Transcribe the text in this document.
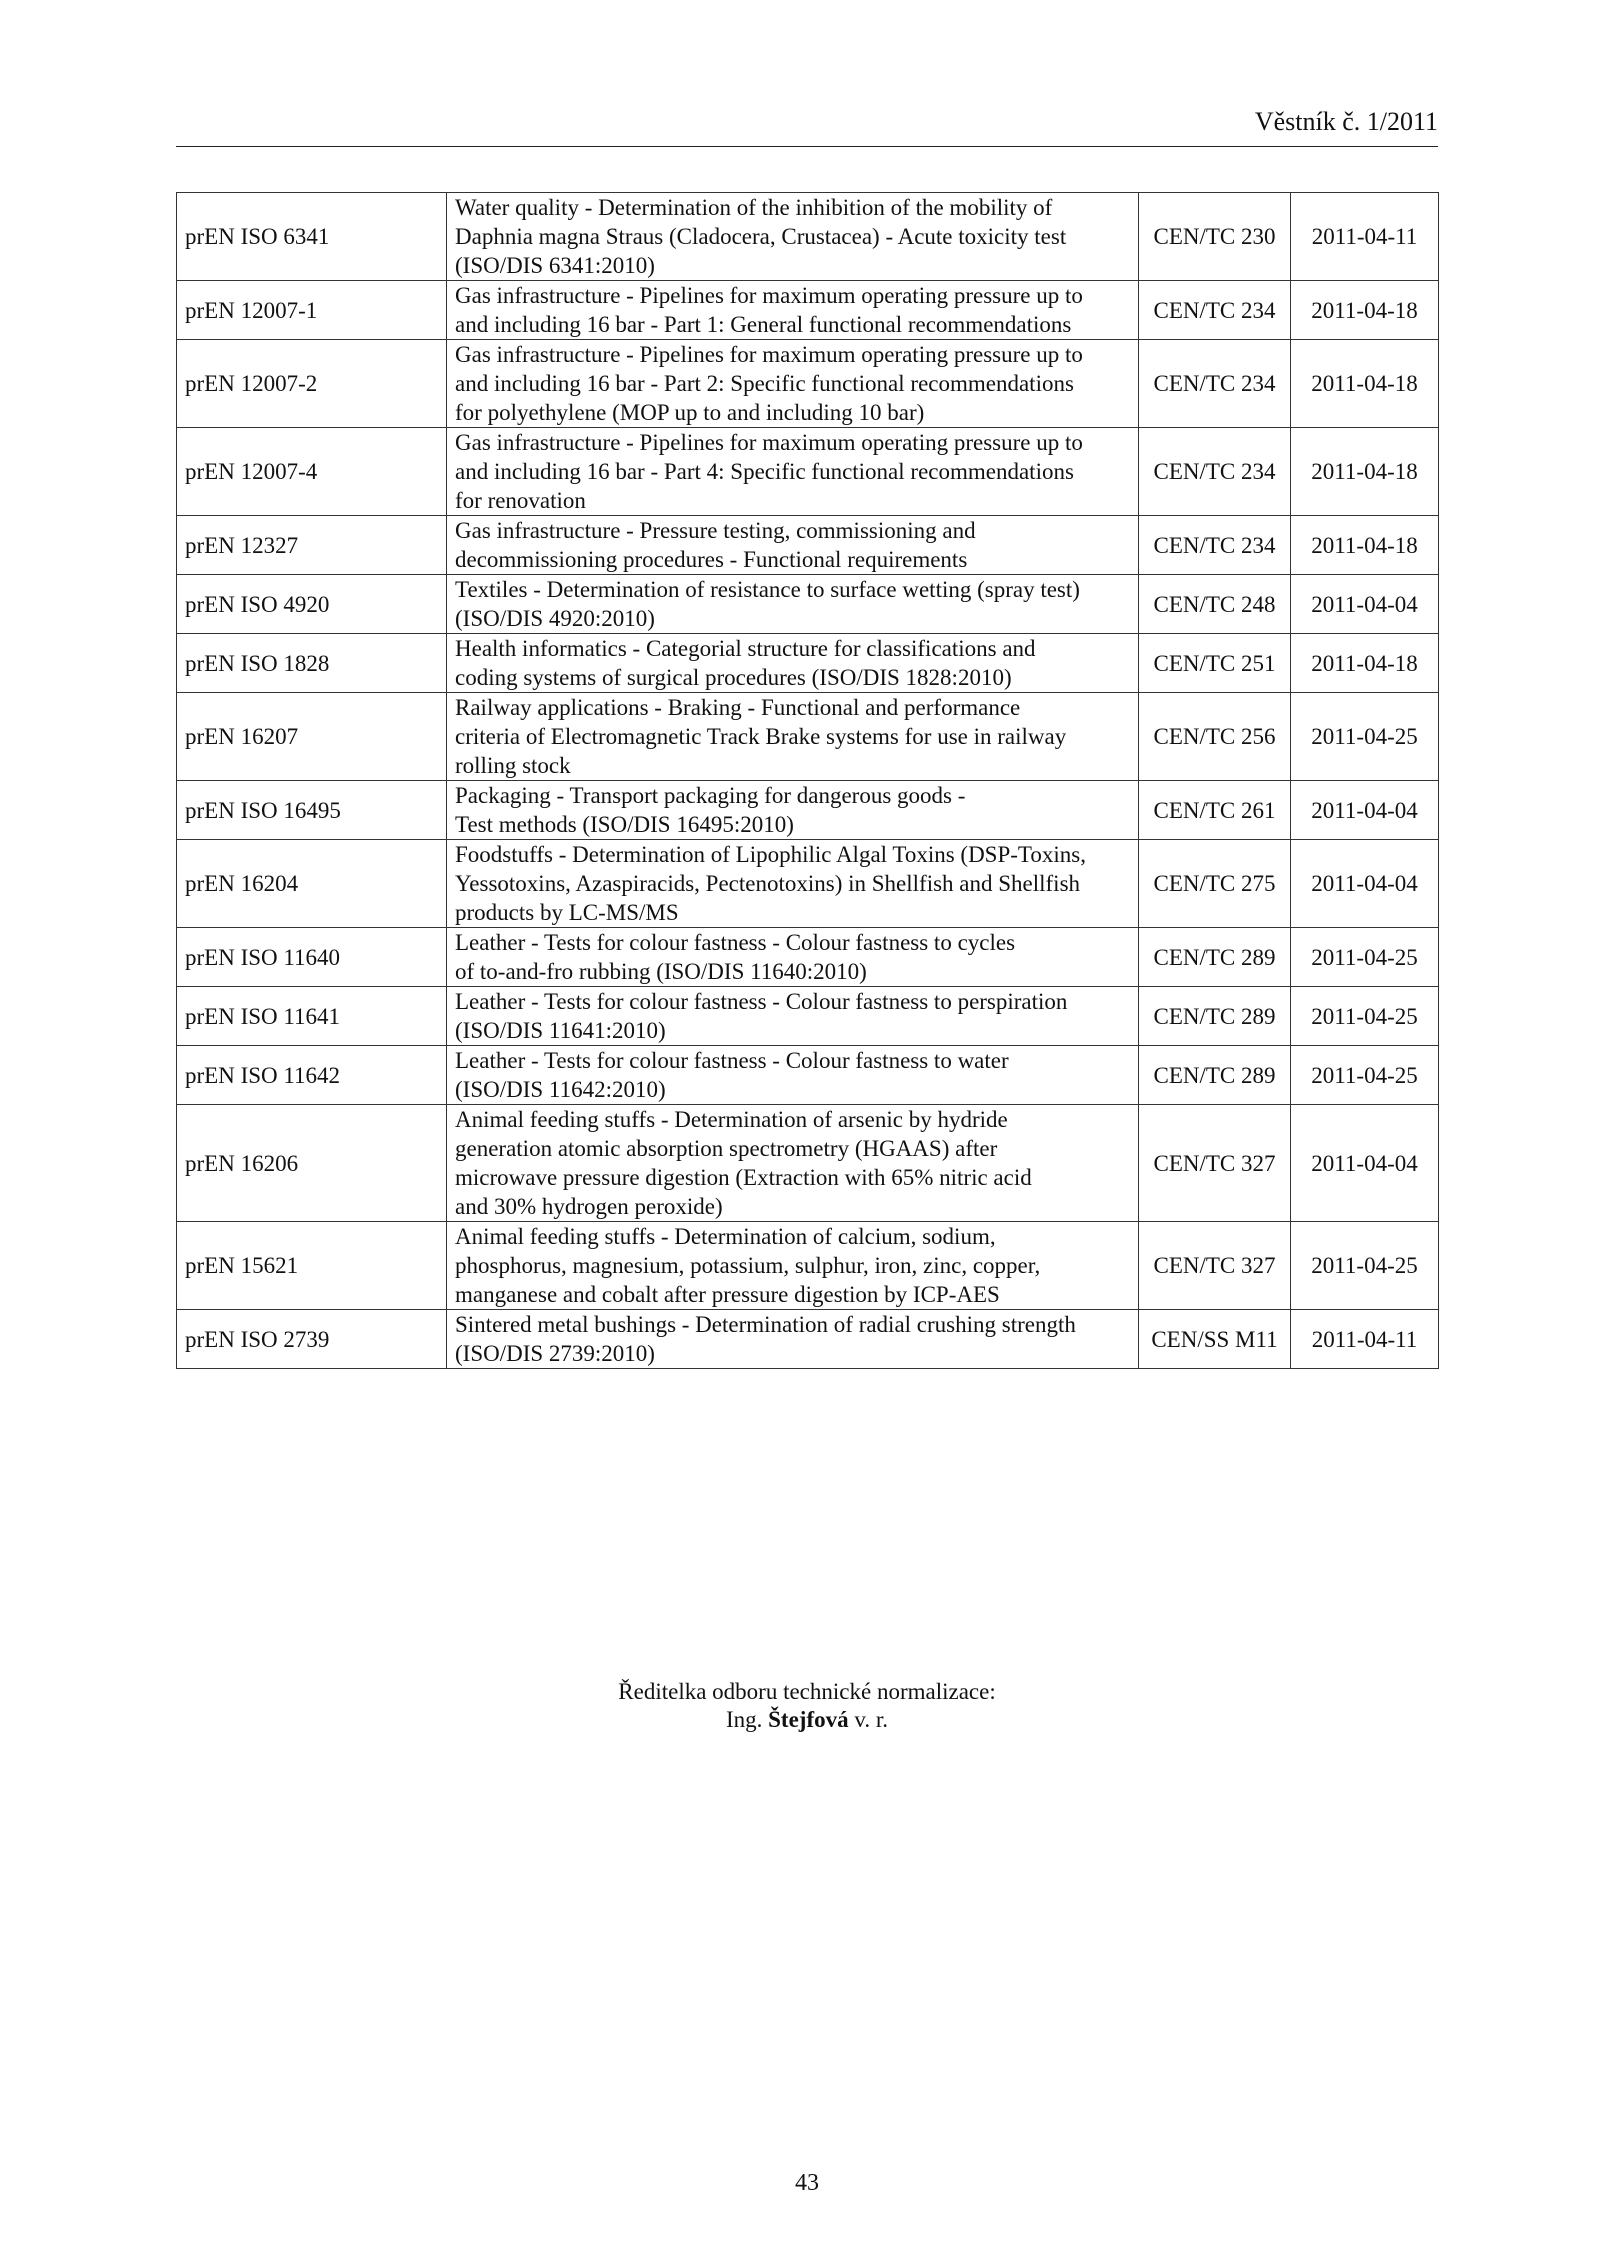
Věstník č. 1/2011
prEN ISO 6341	Water quality - Determination of the inhibition of the mobility of
Daphnia magna Straus (Cladocera, Crustacea) - Acute toxicity test
(ISO/DIS 6341:2010)	CEN/TC 230	2011-04-11
prEN 12007-1	Gas infrastructure - Pipelines for maximum operating pressure up to
and including 16 bar - Part 1: General functional recommendations	CEN/TC 234	2011-04-18
prEN 12007-2	Gas infrastructure - Pipelines for maximum operating pressure up to
and including 16 bar - Part 2: Specific functional recommendations
for polyethylene (MOP up to and including 10 bar)	CEN/TC 234	2011-04-18
prEN 12007-4	Gas infrastructure - Pipelines for maximum operating pressure up to
and including 16 bar - Part 4: Specific functional recommendations
for renovation	CEN/TC 234	2011-04-18
prEN 12327	Gas infrastructure - Pressure testing, commissioning and
decommissioning procedures - Functional requirements	CEN/TC 234	2011-04-18
prEN ISO 4920	Textiles - Determination of resistance to surface wetting (spray test)
(ISO/DIS 4920:2010)	CEN/TC 248	2011-04-04
prEN ISO 1828	Health informatics - Categorial structure for classifications and
coding systems of surgical procedures (ISO/DIS 1828:2010)	CEN/TC 251	2011-04-18
prEN 16207	Railway applications - Braking - Functional and performance
criteria of Electromagnetic Track Brake systems for use in railway
rolling stock	CEN/TC 256	2011-04-25
prEN ISO 16495	Packaging - Transport packaging for dangerous goods -
Test methods (ISO/DIS 16495:2010)	CEN/TC 261	2011-04-04
prEN 16204	Foodstuffs - Determination of Lipophilic Algal Toxins (DSP-Toxins,
Yessotoxins, Azaspiracids, Pectenotoxins) in Shellfish and Shellfish
products by LC-MS/MS	CEN/TC 275	2011-04-04
prEN ISO 11640	Leather - Tests for colour fastness - Colour fastness to cycles
of to-and-fro rubbing (ISO/DIS 11640:2010)	CEN/TC 289	2011-04-25
prEN ISO 11641	Leather - Tests for colour fastness - Colour fastness to perspiration
(ISO/DIS 11641:2010)	CEN/TC 289	2011-04-25
prEN ISO 11642	Leather - Tests for colour fastness - Colour fastness to water
(ISO/DIS 11642:2010)	CEN/TC 289	2011-04-25
prEN 16206	Animal feeding stuffs - Determination of arsenic by hydride
generation atomic absorption spectrometry (HGAAS) after
microwave pressure digestion (Extraction with 65% nitric acid
and 30% hydrogen peroxide)	CEN/TC 327	2011-04-04
prEN 15621	Animal feeding stuffs - Determination of calcium, sodium,
phosphorus, magnesium, potassium, sulphur, iron, zinc, copper,
manganese and cobalt after pressure digestion by ICP-AES	CEN/TC 327	2011-04-25
prEN ISO 2739	Sintered metal bushings - Determination of radial crushing strength
(ISO/DIS 2739:2010)	CEN/SS M11	2011-04-11
Ředitelka odboru technické normalizace:
Ing. Štejfová v. r.
43
